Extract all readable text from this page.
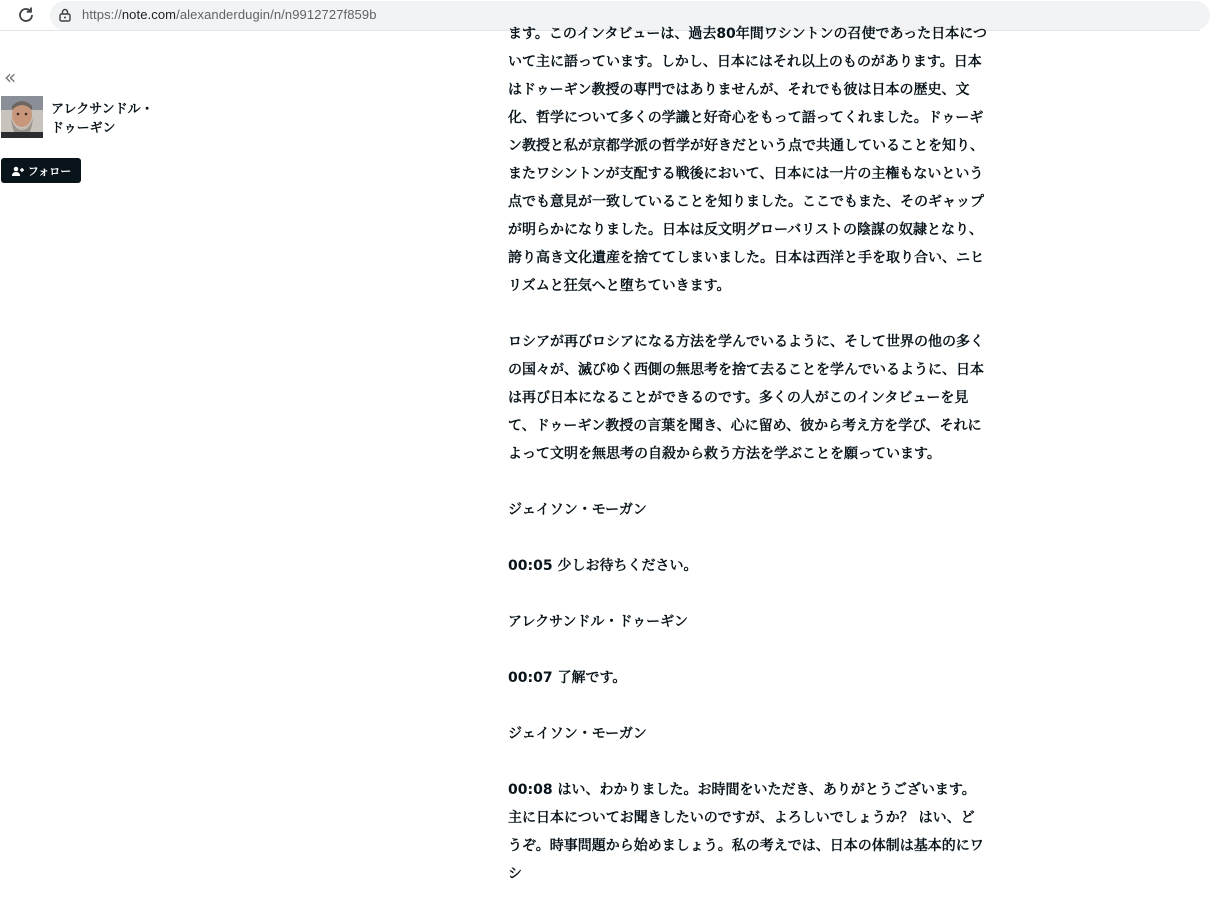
https://note.com/alexanderdugin/n/n9912727f859b
«
アレクサンドル・
ドゥーギン
フォロー

ます。このインタビューは、過去80年間ワシントンの召使であった日本について主に語っています。しかし、日本にはそれ以上のものがあります。日本はドゥーギン教授の専門ではありませんが、それでも彼は日本の歴史、文化、哲学について多くの学識と好奇心をもって語ってくれました。ドゥーギン教授と私が京都学派の哲学が好きだという点で共通していることを知り、またワシントンが支配する戦後において、日本には一片の主権もないという点でも意見が一致していることを知りました。ここでもまた、そのギャップが明らかになりました。日本は反文明グローバリストの陰謀の奴隷となり、誇り高き文化遺産を捨ててしまいました。日本は西洋と手を取り合い、ニヒリズムと狂気へと堕ちていきます。

ロシアが再びロシアになる方法を学んでいるように、そして世界の他の多くの国々が、滅びゆく西側の無思考を捨て去ることを学んでいるように、日本は再び日本になることができるのです。多くの人がこのインタビューを見て、ドゥーギン教授の言葉を聞き、心に留め、彼から考え方を学び、それによって文明を無思考の自殺から救う方法を学ぶことを願っています。

ジェイソン・モーガン

00:05 少しお待ちください。

アレクサンドル・ドゥーギン

00:07 了解です。

ジェイソン・モーガン

00:08 はい、わかりました。お時間をいただき、ありがとうございます。主に日本についてお聞きしたいのですが、よろしいでしょうか？ はい、どうぞ。時事問題から始めましょう。私の考えでは、日本の体制は基本的にワシ
